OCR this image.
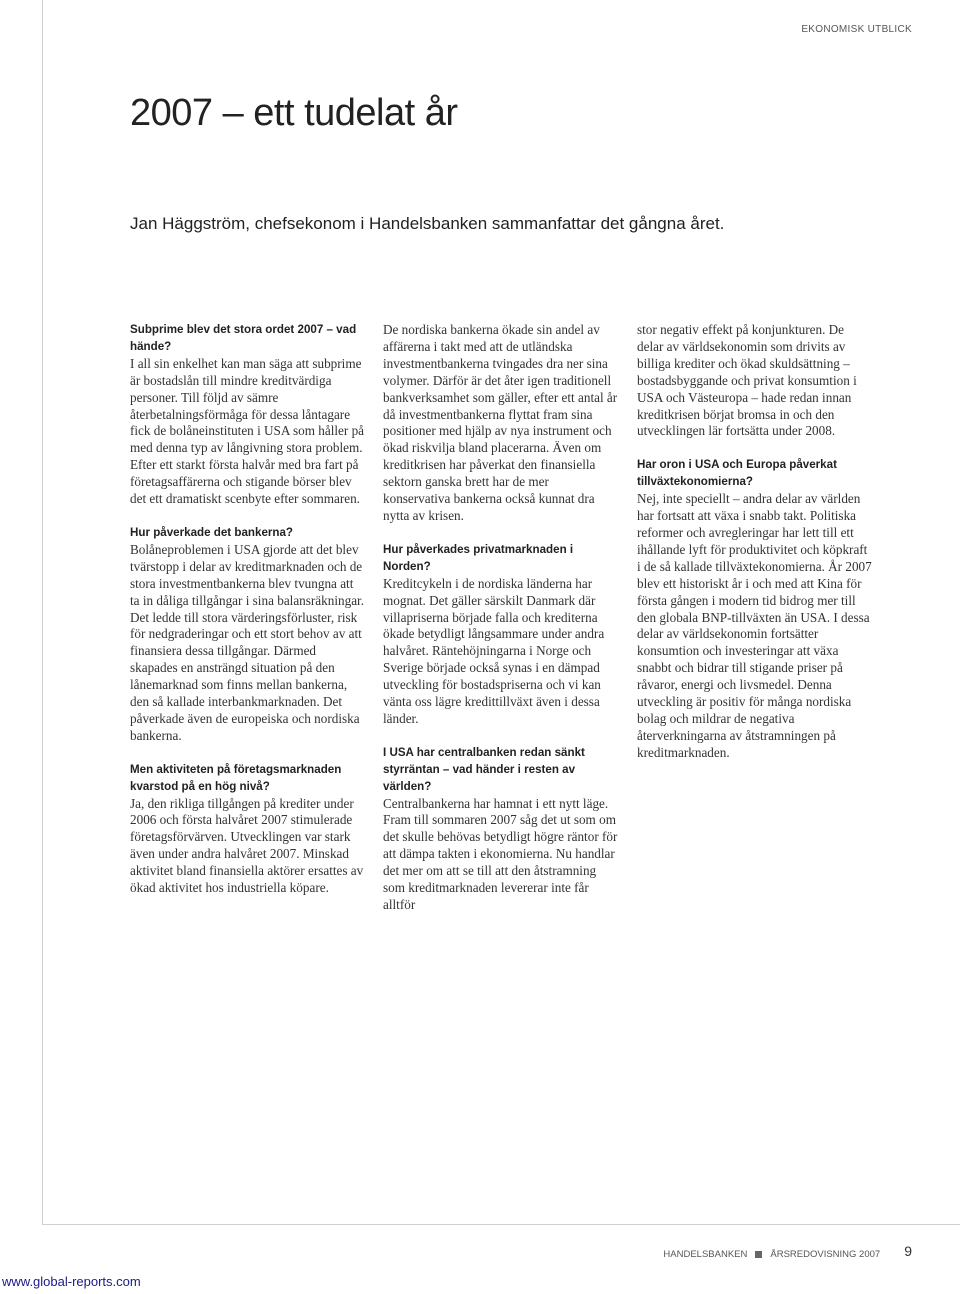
EKONOMISK UTBLICK
2007 – ett tudelat år

Jan Häggström, chefsekonom i Handelsbanken sammanfattar det gångna året.

Subprime blev det stora ordet 2007 – vad hände?

I all sin enkelhet kan man säga att subprime är bostadslån till mindre kreditvärdiga personer. Till följd av sämre återbetalningsförmåga för dessa låntagare fick de bolåneinstituten i USA som håller på med denna typ av långivning stora problem. Efter ett starkt första halvår med bra fart på företagsaffärerna och stigande börser blev det ett dramatiskt scenbyte efter sommaren.

Hur påverkade det bankerna?

Bolåneproblemen i USA gjorde att det blev tvärstopp i delar av kreditmarknaden och de stora investmentbankerna blev tvungna att ta in dåliga tillgångar i sina balansräkningar. Det ledde till stora värderingsförluster, risk för nedgraderingar och ett stort behov av att finansiera dessa tillgångar. Därmed skapades en ansträngd situation på den lånemarknad som finns mellan bankerna, den så kallade interbankmarknaden. Det påverkade även de europeiska och nordiska bankerna.

Men aktiviteten på företagsmarknaden kvarstod på en hög nivå?

Ja, den rikliga tillgången på krediter under 2006 och första halvåret 2007 stimulerade företagsförvärven. Utvecklingen var stark även under andra halvåret 2007. Minskad aktivitet bland finansiella aktörer ersattes av ökad aktivitet hos industriella köpare.

De nordiska bankerna ökade sin andel av affärerna i takt med att de utländska investmentbankerna tvingades dra ner sina volymer. Därför är det åter igen traditionell bankverksamhet som gäller, efter ett antal år då investmentbankerna flyttat fram sina positioner med hjälp av nya instrument och ökad riskvilja bland placerarna. Även om kreditkrisen har påverkat den finansiella sektorn ganska brett har de mer konservativa bankerna också kunnat dra nytta av krisen.

Hur påverkades privatmarknaden i Norden?

Kreditcykeln i de nordiska länderna har mognat. Det gäller särskilt Danmark där villapriserna började falla och krediterna ökade betydligt långsammare under andra halvåret. Räntehöjningarna i Norge och Sverige började också synas i en dämpad utveckling för bostadspriserna och vi kan vänta oss lägre kredittillväxt även i dessa länder.

I USA har centralbanken redan sänkt styrräntan – vad händer i resten av världen?

Centralbankerna har hamnat i ett nytt läge. Fram till sommaren 2007 såg det ut som om det skulle behövas betydligt högre räntor för att dämpa takten i ekonomierna. Nu handlar det mer om att se till att den åtstramning som kreditmarknaden levererar inte får alltför

stor negativ effekt på konjunkturen. De delar av världsekonomin som drivits av billiga krediter och ökad skuldsättning – bostadsbyggande och privat konsumtion i USA och Västeuropa – hade redan innan kreditkrisen börjat bromsa in och den utvecklingen lär fortsätta under 2008.

Har oron i USA och Europa påverkat tillväxtekonomierna?

Nej, inte speciellt – andra delar av världen har fortsatt att växa i snabb takt. Politiska reformer och avregleringar har lett till ett ihållande lyft för produktivitet och köpkraft i de så kallade tillväxtekonomierna. År 2007 blev ett historiskt år i och med att Kina för första gången i modern tid bidrog mer till den globala BNP-tillväxten än USA. I dessa delar av världsekonomin fortsätter konsumtion och investeringar att växa snabbt och bidrar till stigande priser på råvaror, energi och livsmedel. Denna utveckling är positiv för många nordiska bolag och mildrar de negativa återverkningarna av åtstramningen på kreditmarknaden.

HANDELSBANKEN ÅRSREDOVISNING 2007 9
www.global-reports.com
